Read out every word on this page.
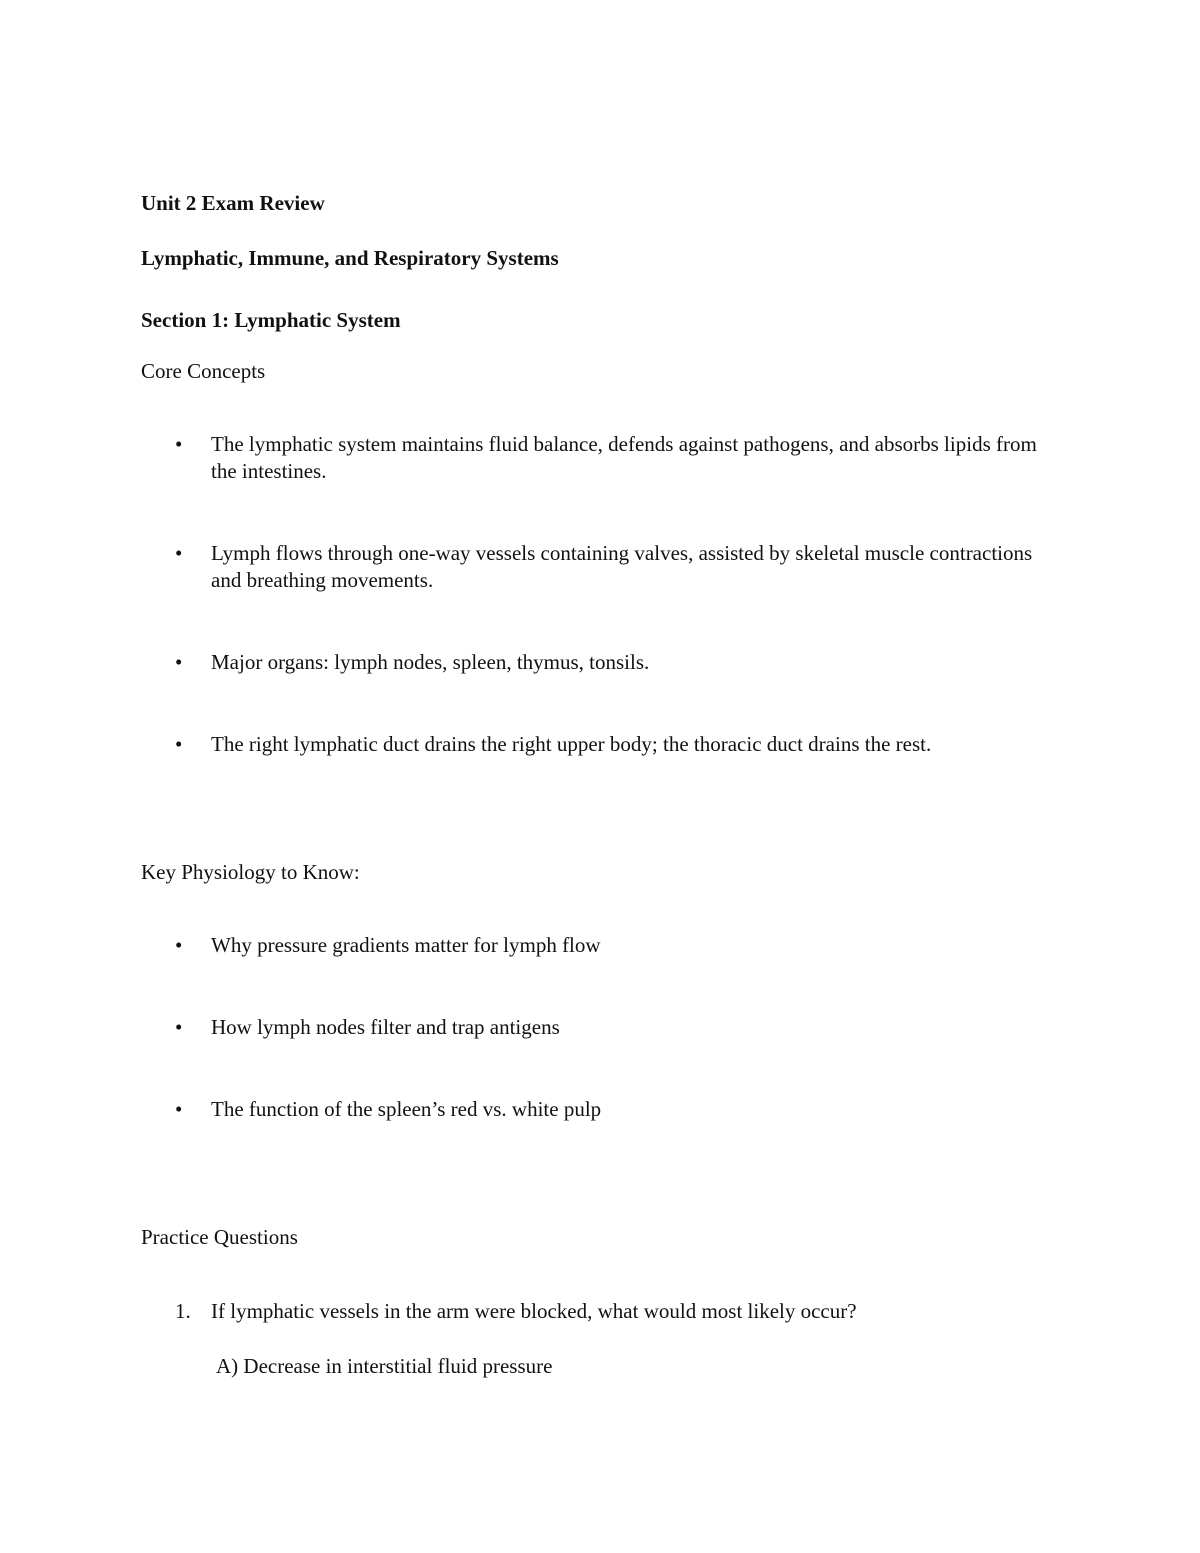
Unit 2 Exam Review
Lymphatic, Immune, and Respiratory Systems
Section 1: Lymphatic System
Core Concepts
• The lymphatic system maintains fluid balance, defends against pathogens, and absorbs lipids from the intestines.
• Lymph flows through one-way vessels containing valves, assisted by skeletal muscle contractions and breathing movements.
• Major organs: lymph nodes, spleen, thymus, tonsils.
• The right lymphatic duct drains the right upper body; the thoracic duct drains the rest.
Key Physiology to Know:
• Why pressure gradients matter for lymph flow
• How lymph nodes filter and trap antigens
• The function of the spleen’s red vs. white pulp
Practice Questions
1. If lymphatic vessels in the arm were blocked, what would most likely occur?
A) Decrease in interstitial fluid pressure
